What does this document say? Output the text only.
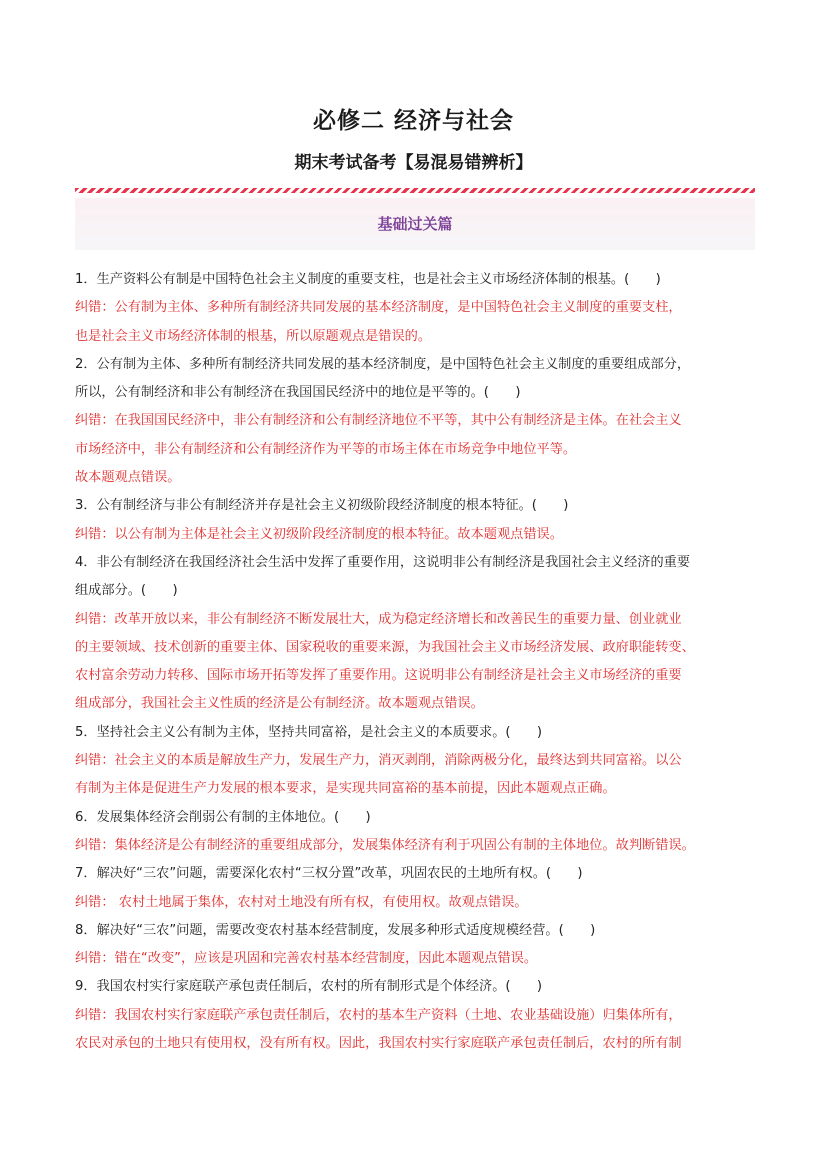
必修二 经济与社会
期末考试备考【易混易错辨析】
基础过关篇
1．生产资料公有制是中国特色社会主义制度的重要支柱，也是社会主义市场经济体制的根基。(　　)
纠错：公有制为主体、多种所有制经济共同发展的基本经济制度，是中国特色社会主义制度的重要支柱，
也是社会主义市场经济体制的根基，所以原题观点是错误的。
2．公有制为主体、多种所有制经济共同发展的基本经济制度，是中国特色社会主义制度的重要组成部分，
所以，公有制经济和非公有制经济在我国国民经济中的地位是平等的。(　　)
纠错：在我国国民经济中，非公有制经济和公有制经济地位不平等，其中公有制经济是主体。在社会主义
市场经济中，非公有制经济和公有制经济作为平等的市场主体在市场竞争中地位平等。
故本题观点错误。
3．公有制经济与非公有制经济并存是社会主义初级阶段经济制度的根本特征。(　　)
纠错：以公有制为主体是社会主义初级阶段经济制度的根本特征。故本题观点错误。
4．非公有制经济在我国经济社会生活中发挥了重要作用，这说明非公有制经济是我国社会主义经济的重要
组成部分。(　　)
纠错：改革开放以来，非公有制经济不断发展壮大，成为稳定经济增长和改善民生的重要力量、创业就业
的主要领域、技术创新的重要主体、国家税收的重要来源，为我国社会主义市场经济发展、政府职能转变、
农村富余劳动力转移、国际市场开拓等发挥了重要作用。这说明非公有制经济是社会主义市场经济的重要
组成部分，我国社会主义性质的经济是公有制经济。故本题观点错误。
5．坚持社会主义公有制为主体，坚持共同富裕，是社会主义的本质要求。(　　)
纠错：社会主义的本质是解放生产力，发展生产力，消灭剥削，消除两极分化，最终达到共同富裕。以公
有制为主体是促进生产力发展的根本要求，是实现共同富裕的基本前提，因此本题观点正确。
6．发展集体经济会削弱公有制的主体地位。(　　)
纠错：集体经济是公有制经济的重要组成部分，发展集体经济有利于巩固公有制的主体地位。故判断错误。
7．解决好“三农”问题，需要深化农村“三权分置”改革，巩固农民的土地所有权。(　　)
纠错： 农村土地属于集体，农村对土地没有所有权，有使用权。故观点错误。
8．解决好“三农”问题，需要改变农村基本经营制度，发展多种形式适度规模经营。(　　)
纠错：错在“改变”，应该是巩固和完善农村基本经营制度，因此本题观点错误。
9．我国农村实行家庭联产承包责任制后，农村的所有制形式是个体经济。(　　)
纠错：我国农村实行家庭联产承包责任制后，农村的基本生产资料（土地、农业基础设施）归集体所有，
农民对承包的土地只有使用权，没有所有权。因此，我国农村实行家庭联产承包责任制后，农村的所有制
